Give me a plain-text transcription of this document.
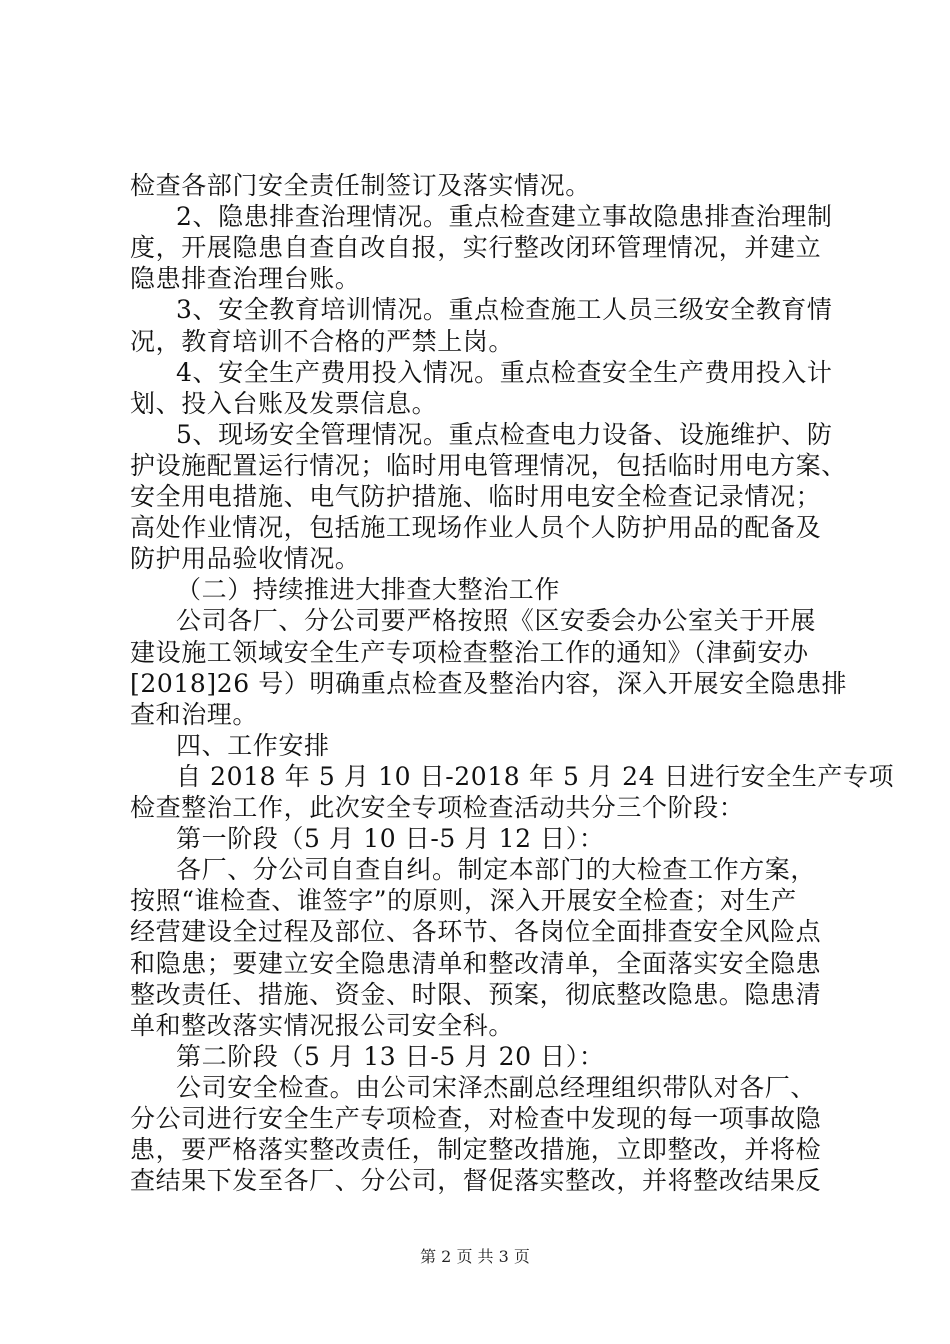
检查各部门安全责任制签订及落实情况。
2、隐患排查治理情况。重点检查建立事故隐患排查治理制
度，开展隐患自查自改自报，实行整改闭环管理情况，并建立
隐患排查治理台账。
3、安全教育培训情况。重点检查施工人员三级安全教育情
况，教育培训不合格的严禁上岗。
4、安全生产费用投入情况。重点检查安全生产费用投入计
划、投入台账及发票信息。
5、现场安全管理情况。重点检查电力设备、设施维护、防
护设施配置运行情况；临时用电管理情况，包括临时用电方案、
安全用电措施、电气防护措施、临时用电安全检查记录情况；
高处作业情况，包括施工现场作业人员个人防护用品的配备及
防护用品验收情况。
（二）持续推进大排查大整治工作
公司各厂、分公司要严格按照《区安委会办公室关于开展
建设施工领域安全生产专项检查整治工作的通知》（津蓟安办
[2018]26 号）明确重点检查及整治内容，深入开展安全隐患排
查和治理。
四、工作安排
自 2018 年 5 月 10 日-2018 年 5 月 24 日进行安全生产专项
检查整治工作，此次安全专项检查活动共分三个阶段：
第一阶段（5 月 10 日-5 月 12 日）：
各厂、分公司自查自纠。制定本部门的大检查工作方案，
按照“谁检查、谁签字”的原则，深入开展安全检查；对生产
经营建设全过程及部位、各环节、各岗位全面排查安全风险点
和隐患；要建立安全隐患清单和整改清单，全面落实安全隐患
整改责任、措施、资金、时限、预案，彻底整改隐患。隐患清
单和整改落实情况报公司安全科。
第二阶段（5 月 13 日-5 月 20 日）：
公司安全检查。由公司宋泽杰副总经理组织带队对各厂、
分公司进行安全生产专项检查，对检查中发现的每一项事故隐
患，要严格落实整改责任，制定整改措施，立即整改，并将检
查结果下发至各厂、分公司，督促落实整改，并将整改结果反
第 2 页 共 3 页
